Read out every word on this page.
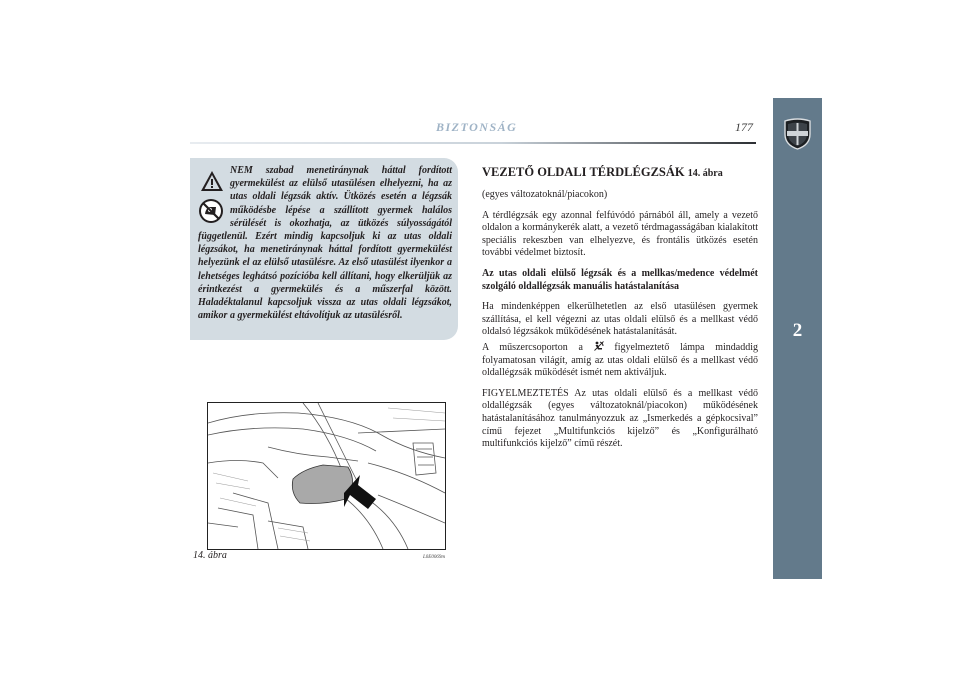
BIZTONSÁG	177
2
NEM szabad menetiránynak háttal fordított gyermekülést az elülső utasülésen elhelyezni, ha az utas oldali légzsák aktív. Ütközés esetén a légzsák működésbe lépése a szállított gyermek halálos sérülését is okozhatja, az ütközés súlyosságától függetlenül. Ezért mindig kapcsoljuk ki az utas oldali légzsákot, ha menetiránynak háttal fordított gyermekülést helyezünk el az elülső utasülésre. Az első utasülést ilyenkor a lehetséges leghátsó pozícióba kell állítani, hogy elkerüljük az érintkezést a gyermekülés és a műszerfal között. Haladéktalanul kapcsoljuk vissza az utas oldali légzsákot, amikor a gyermekülést eltávolítjuk az utasülésről.
14. ábra	L0E0069m

VEZETŐ OLDALI TÉRDLÉGZSÁK 14. ábra

(egyes változatoknál/piacokon)

A térdlégzsák egy azonnal felfúvódó párnából áll, amely a vezető oldalon a kormánykerék alatt, a vezető térdmagasságában kialakított speciális rekeszben van elhelyezve, és frontális ütközés esetén további védelmet biztosít.

Az utas oldali elülső légzsák és a mellkas/medence védelmét szolgáló oldallégzsák manuális hatástalanítása

Ha mindenképpen elkerülhetetlen az első utasülésen gyermek szállítása, el kell végezni az utas oldali elülső és a mellkast védő oldalsó légzsákok működésének hatástalanítását.

A műszercsoporton a	figyelmeztető lámpa mindaddig folyamatosan világít, amíg az utas oldali elülső és a mellkast védő oldallégzsák működését ismét nem aktiváljuk.

FIGYELMEZTETÉS Az utas oldali elülső és a mellkast védő oldallégzsák (egyes változatoknál/piacokon) működésének hatástalanításához tanulmányozzuk az „Ismerkedés a gépkocsival” című fejezet „Multifunkciós kijelző” és „Konfigurálható multifunkciós kijelző” című részét.
